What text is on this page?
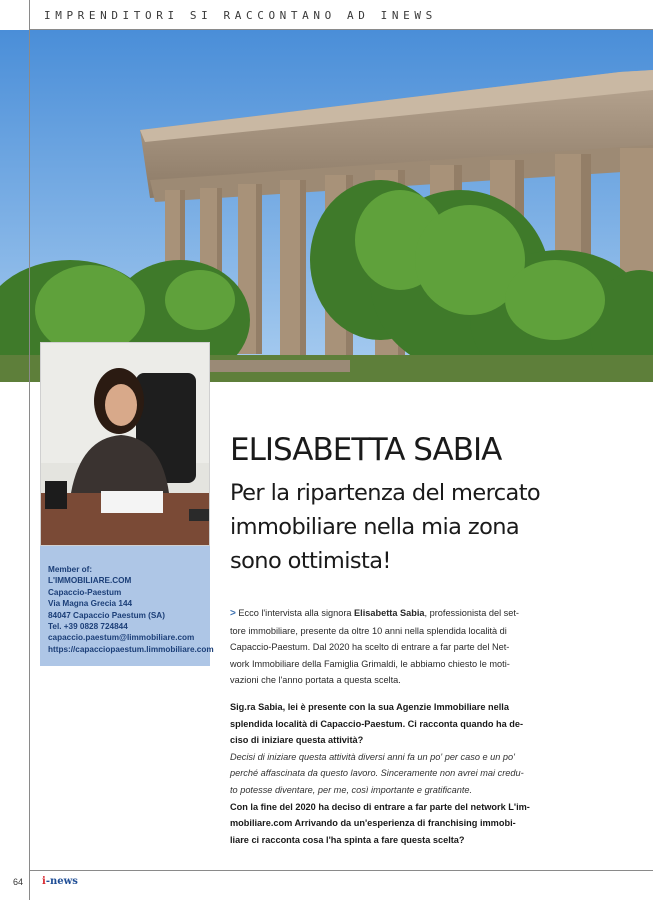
IMPRENDITORI SI RACCONTANO AD INEWS
Member of:
L'IMMOBILIARE.COM
Capaccio-Paestum
Via Magna Grecia 144
84047 Capaccio Paestum (SA)
Tel. +39 0828 724844
capaccio.paestum@limmobiliare.com
https://capacciopaestum.limmobiliare.com
ELISABETTA SABIA
Per la ripartenza del mercato
immobiliare nella mia zona
sono ottimista!
> Ecco l'intervista alla signora Elisabetta Sabia, professionista del set-
tore immobiliare, presente da oltre 10 anni nella splendida località di
Capaccio-Paestum. Dal 2020 ha scelto di entrare a far parte del Net-
work Immobiliare della Famiglia Grimaldi, le abbiamo chiesto le moti-
vazioni che l'anno portata a questa scelta.
Sig.ra Sabia, lei è presente con la sua Agenzie Immobiliare nella
splendida località di Capaccio-Paestum. Ci racconta quando ha de-
ciso di iniziare questa attività?
Decisi di iniziare questa attività diversi anni fa un po' per caso e un po'
perché affascinata da questo lavoro. Sinceramente non avrei mai credu-
to potesse diventare, per me, così importante e gratificante.
Con la fine del 2020 ha deciso di entrare a far parte del network L'im-
mobiliare.com Arrivando da un'esperienza di franchising immobi-
liare ci racconta cosa l'ha spinta a fare questa scelta?
64 i-news
